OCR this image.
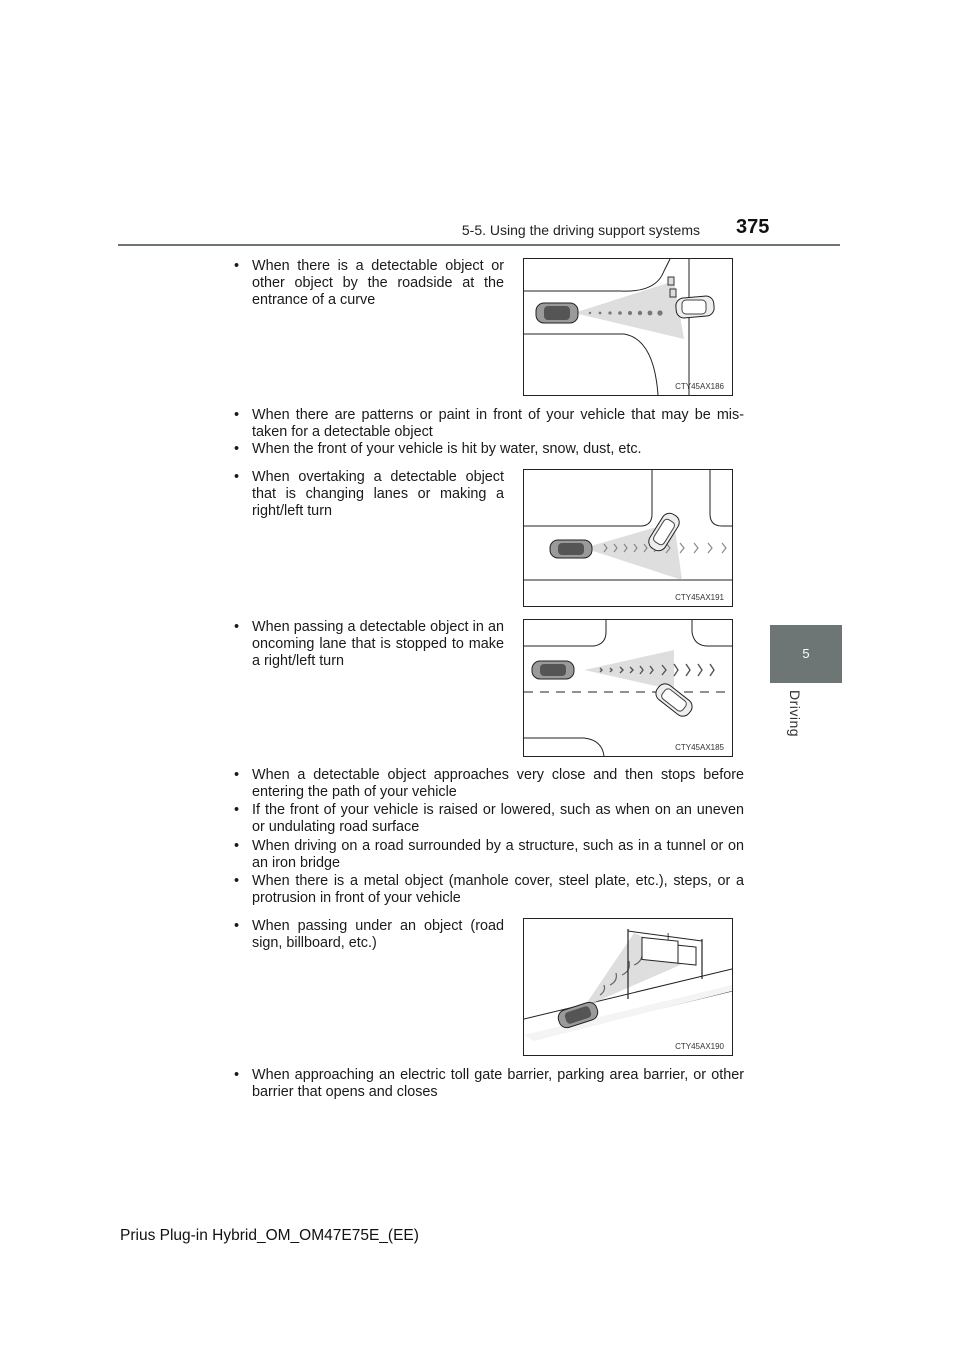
5-5. Using the driving support systems 375
5
Driving
• When there is a detectable object or other object by the roadside at the entrance of a curve
CTY45AX186
• When there are patterns or paint in front of your vehicle that may be mis-taken for a detectable object
• When the front of your vehicle is hit by water, snow, dust, etc.
• When overtaking a detectable object that is changing lanes or making a right/left turn
CTY45AX191
• When passing a detectable object in an oncoming lane that is stopped to make a right/left turn
CTY45AX185
• When a detectable object approaches very close and then stops before entering the path of your vehicle
• If the front of your vehicle is raised or lowered, such as when on an uneven or undulating road surface
• When driving on a road surrounded by a structure, such as in a tunnel or on an iron bridge
• When there is a metal object (manhole cover, steel plate, etc.), steps, or a protrusion in front of your vehicle
• When passing under an object (road sign, billboard, etc.)
CTY45AX190
• When approaching an electric toll gate barrier, parking area barrier, or other barrier that opens and closes
Prius Plug-in Hybrid_OM_OM47E75E_(EE)
